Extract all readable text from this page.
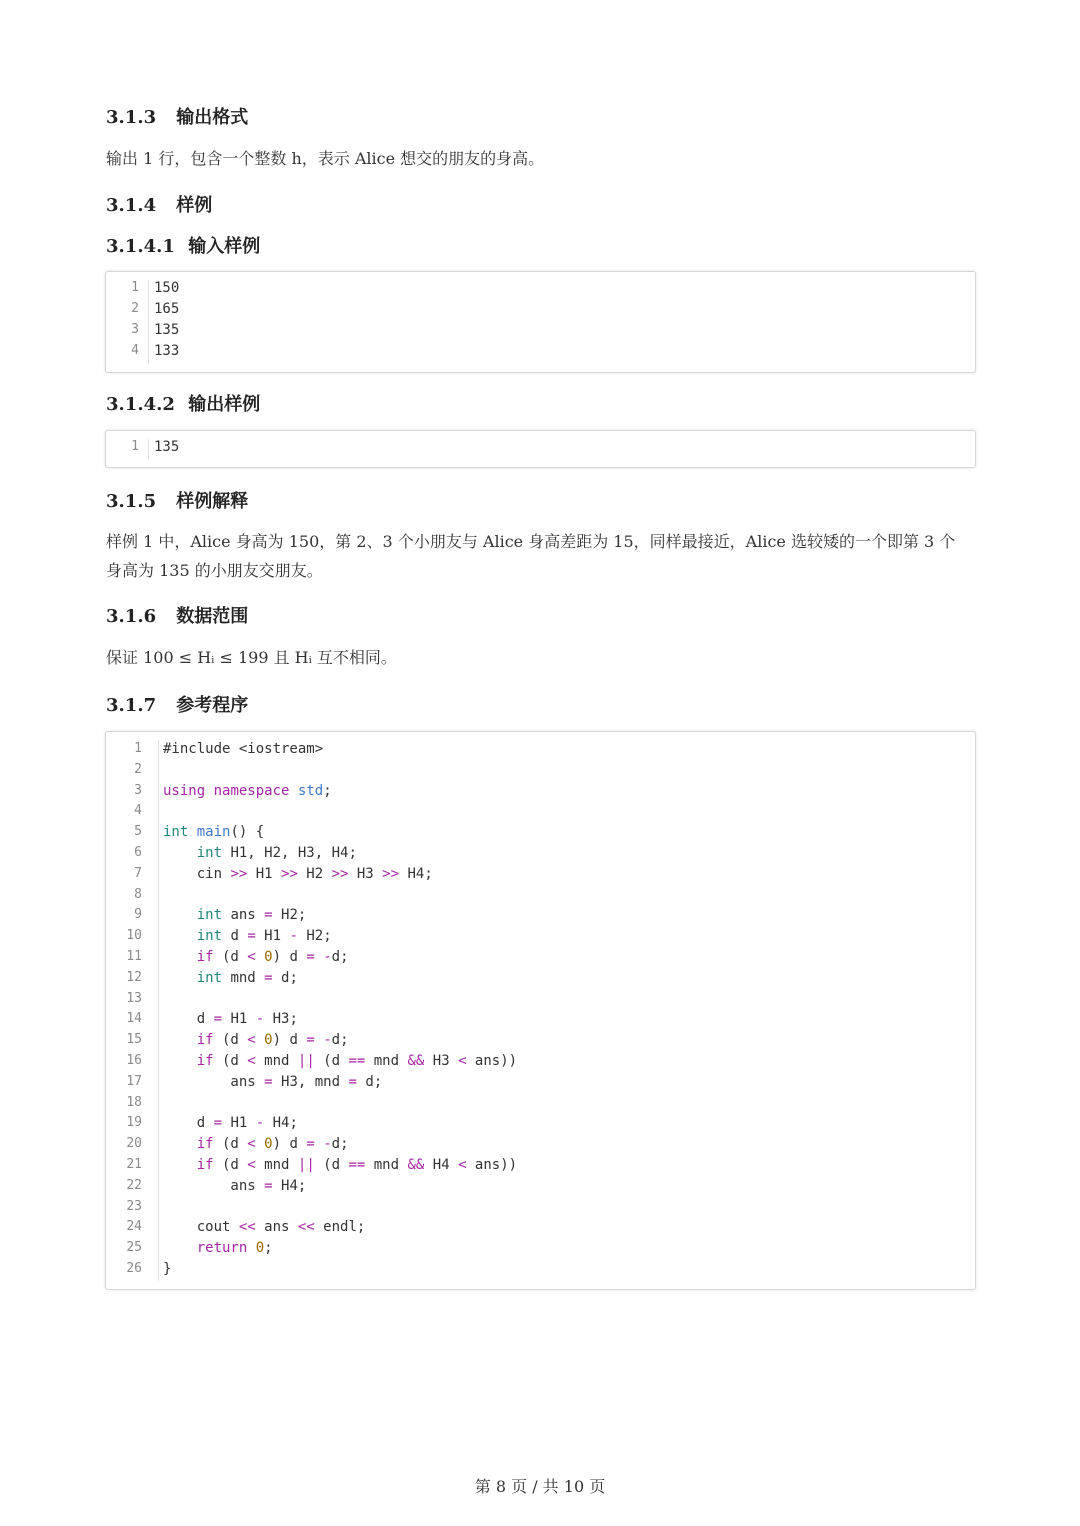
3.1.3 输出格式

输出 1 行，包含一个整数 h，表示 Alice 想交的朋友的身高。

3.1.4 样例
3.1.4.1 输入样例
1 150
2 165
3 135
4 133
3.1.4.2 输出样例
1 135
3.1.5 样例解释

样例 1 中，Alice 身高为 150，第 2、3 个小朋友与 Alice 身高差距为 15，同样最接近，Alice 选较矮的一个即第 3 个

身高为 135 的小朋友交朋友。

3.1.6 数据范围

保证 100 ≤ Hᵢ ≤ 199 且 Hᵢ 互不相同。

3.1.7 参考程序
1 #include <iostream>
2
3 using namespace std;
4
5 int main() {
6	int H1, H2, H3, H4;
7 cin >> H1 >> H2 >> H3 >> H4;
8
9	int ans = H2;
10	int d = H1 - H2;
11	if (d < 0) d = -d;
12	int mnd = d;
13
14 d = H1 - H3;
15	if (d < 0) d = -d;
16	if (d < mnd || (d == mnd && H3 < ans))
17 ans = H3, mnd = d;
18
19 d = H1 - H4;
20	if (d < 0) d = -d;
21	if (d < mnd || (d == mnd && H4 < ans))
22 ans = H4;
23
24 cout << ans << endl;
25	return 0;
26 }
第 8 页 / 共 10 页
